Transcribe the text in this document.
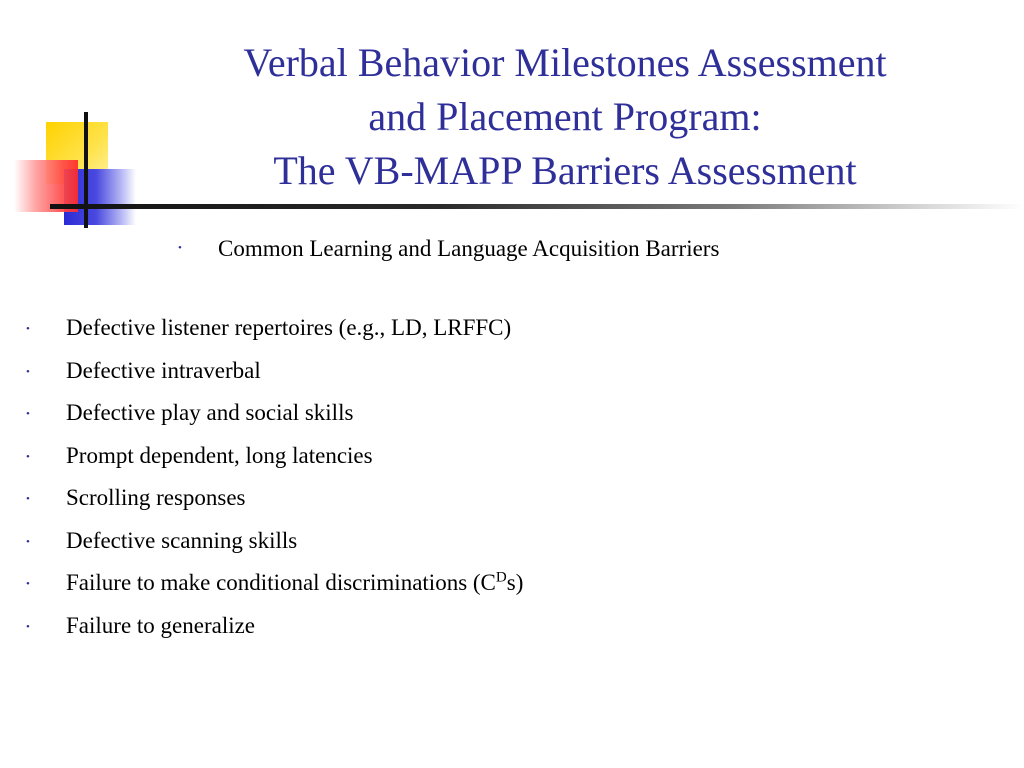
Verbal Behavior Milestones Assessment
and Placement Program:
The VB-MAPP Barriers Assessment
• Common Learning and Language Acquisition Barriers
• Defective listener repertoires (e.g., LD, LRFFC)
• Defective intraverbal
• Defective play and social skills
• Prompt dependent, long latencies
• Scrolling responses
• Defective scanning skills
• Failure to make conditional discriminations $(C^Ds)$
• Failure to generalize
